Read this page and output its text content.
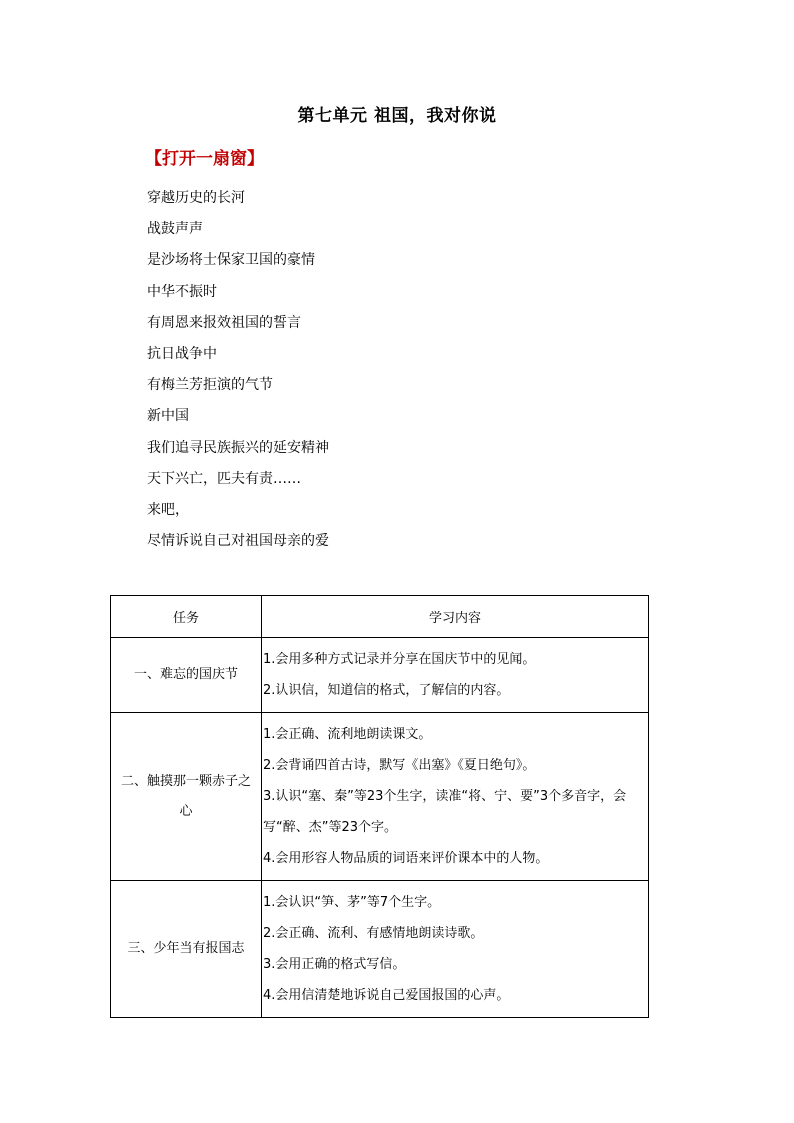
第七单元 祖国，我对你说
【打开一扇窗】
穿越历史的长河
战鼓声声
是沙场将士保家卫国的豪情
中华不振时
有周恩来报效祖国的誓言
抗日战争中
有梅兰芳拒演的气节
新中国
我们追寻民族振兴的延安精神
天下兴亡，匹夫有责……
来吧，
尽情诉说自己对祖国母亲的爱
任务	学习内容
一、难忘的国庆节	1.会用多种方式记录并分享在国庆节中的见闻。
2.认识信，知道信的格式，了解信的内容。

二、触摸那一颗赤子之心	1.会正确、流利地朗读课文。
2.会背诵四首古诗，默写《出塞》《夏日绝句》。
3.认识“塞、秦”等23个生字，读准“将、宁、要”3个多音字，会写“醉、杰”等23个字。
4.会用形容人物品质的词语来评价课本中的人物。

三、少年当有报国志	1.会认识“笋、茅”等7个生字。
2.会正确、流利、有感情地朗读诗歌。
3.会用正确的格式写信。
4.会用信清楚地诉说自己爱国报国的心声。
